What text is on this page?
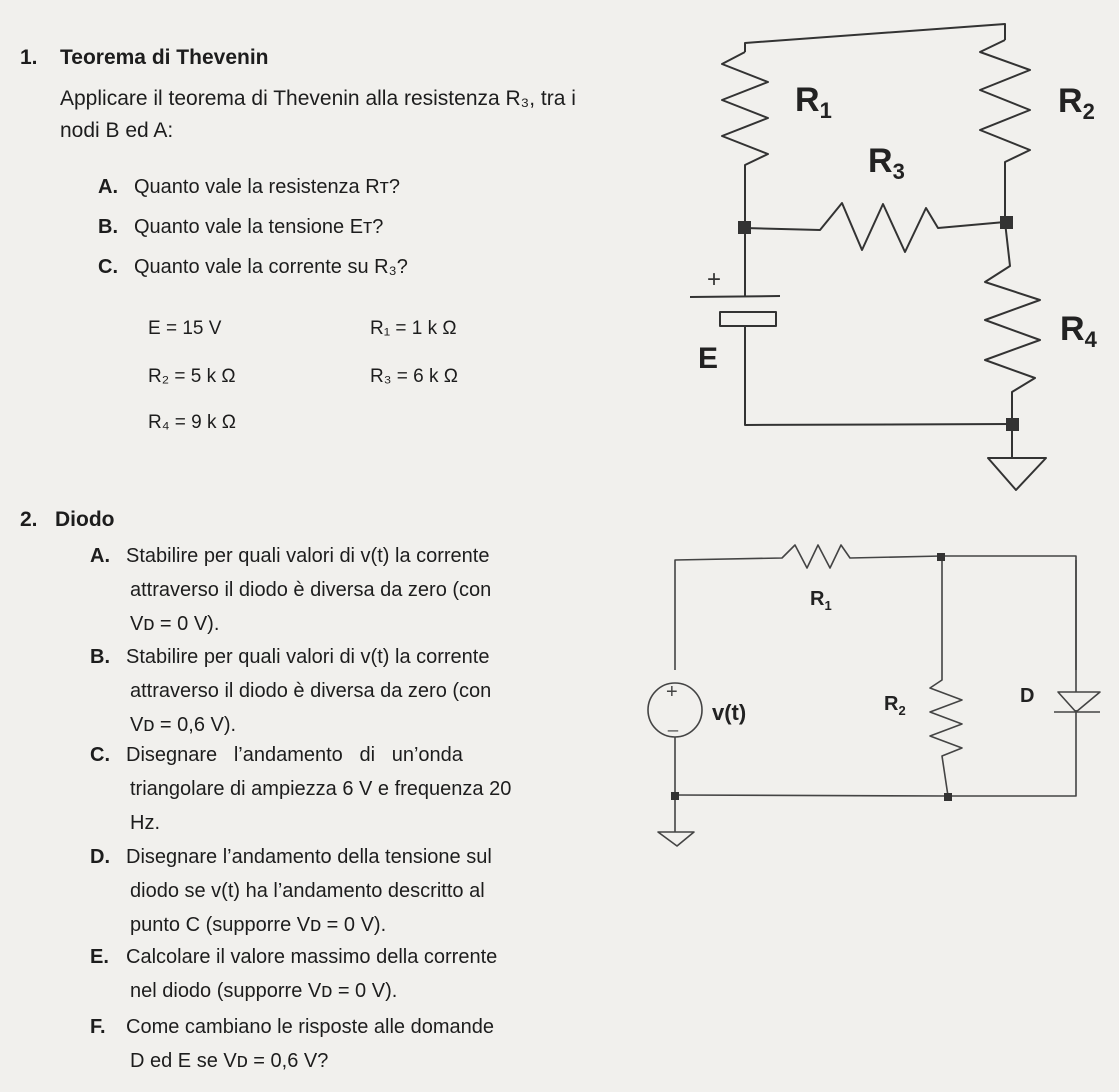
1. Teorema di Thevenin
Applicare il teorema di Thevenin alla resistenza R₃, tra i
nodi B ed A:
A. Quanto vale la resistenza Rᴛ?
B. Quanto vale la tensione Eᴛ?
C. Quanto vale la corrente su R₃?
E = 15 V	R₁ = 1 k Ω
R₂ = 5 k Ω	R₃ = 6 k Ω
R₄ = 9 k Ω
$R_1$	$R_2$
$R_3$
$R_4$
E
+
2. Diodo
A. Stabilire per quali valori di v(t) la corrente
attraverso il diodo è diversa da zero (con
Vᴅ = 0 V).
B. Stabilire per quali valori di v(t) la corrente
attraverso il diodo è diversa da zero (con
Vᴅ = 0,6 V).
C. Disegnare   l’andamento   di   un’onda
triangolare di ampiezza 6 V e frequenza 20
Hz.
D. Disegnare l’andamento della tensione sul
diodo se v(t) ha l’andamento descritto al
punto C (supporre Vᴅ = 0 V).
E. Calcolare il valore massimo della corrente
nel diodo (supporre Vᴅ = 0 V).
F. Come cambiano le risposte alle domande
D ed E se Vᴅ = 0,6 V?
$R_1$
$R_2$
D
v(t)
+
_
